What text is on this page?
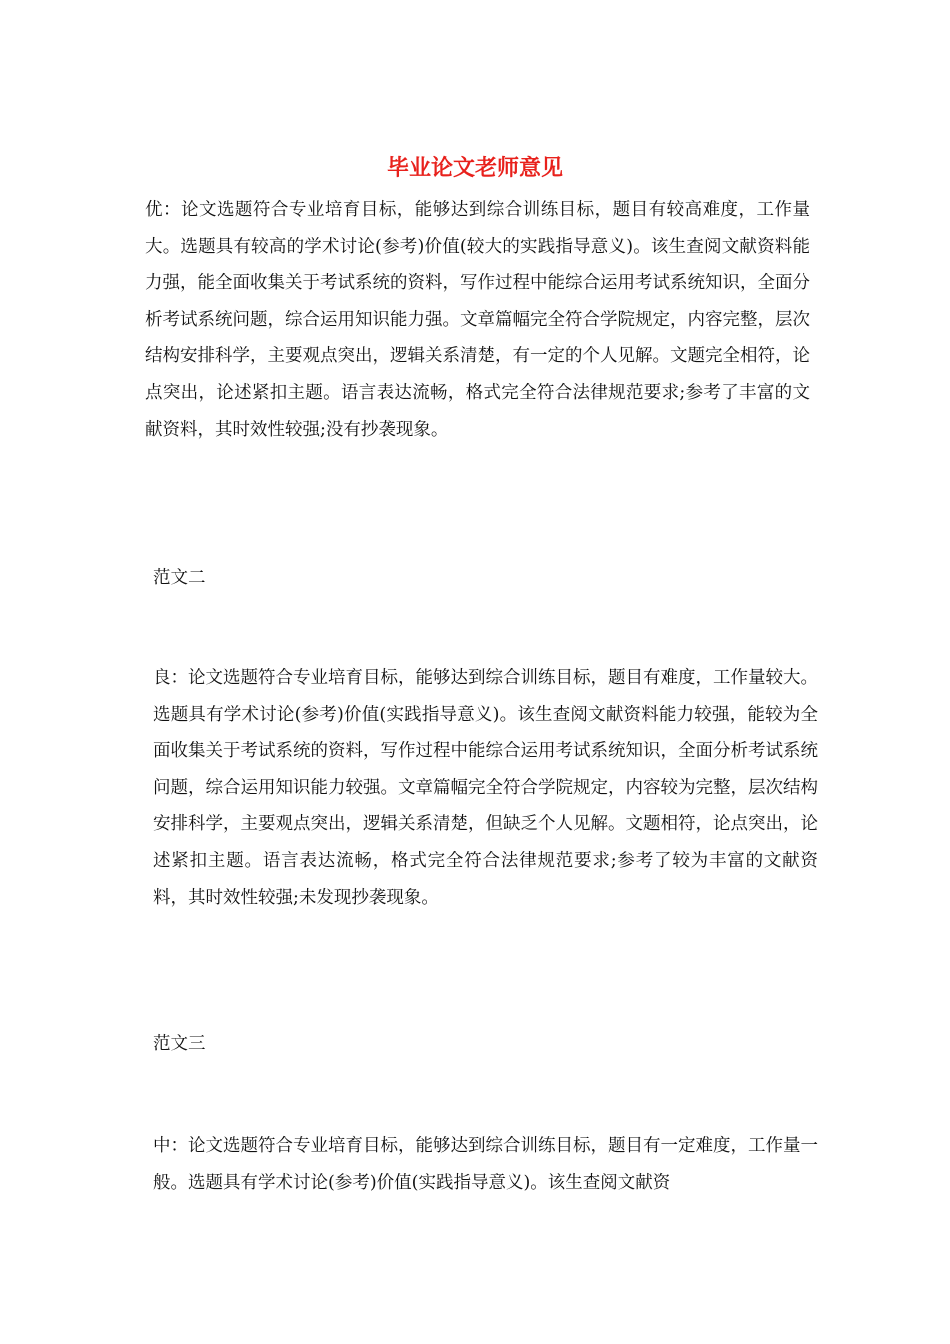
毕业论文老师意见

优：论文选题符合专业培育目标，能够达到综合训练目标，题目有较高难度，工作量大。选题具有较高的学术讨论(参考)价值(较大的实践指导意义)。该生查阅文献资料能力强，能全面收集关于考试系统的资料，写作过程中能综合运用考试系统知识，全面分析考试系统问题，综合运用知识能力强。文章篇幅完全符合学院规定，内容完整，层次结构安排科学，主要观点突出，逻辑关系清楚，有一定的个人见解。文题完全相符，论点突出，论述紧扣主题。语言表达流畅，格式完全符合法律规范要求;参考了丰富的文献资料，其时效性较强;没有抄袭现象。

范文二

良：论文选题符合专业培育目标，能够达到综合训练目标，题目有难度，工作量较大。选题具有学术讨论(参考)价值(实践指导意义)。该生查阅文献资料能力较强，能较为全面收集关于考试系统的资料，写作过程中能综合运用考试系统知识，全面分析考试系统问题，综合运用知识能力较强。文章篇幅完全符合学院规定，内容较为完整，层次结构安排科学，主要观点突出，逻辑关系清楚，但缺乏个人见解。文题相符，论点突出，论述紧扣主题。语言表达流畅，格式完全符合法律规范要求;参考了较为丰富的文献资料，其时效性较强;未发现抄袭现象。

范文三

中：论文选题符合专业培育目标，能够达到综合训练目标，题目有一定难度，工作量一般。选题具有学术讨论(参考)价值(实践指导意义)。该生查阅文献资
